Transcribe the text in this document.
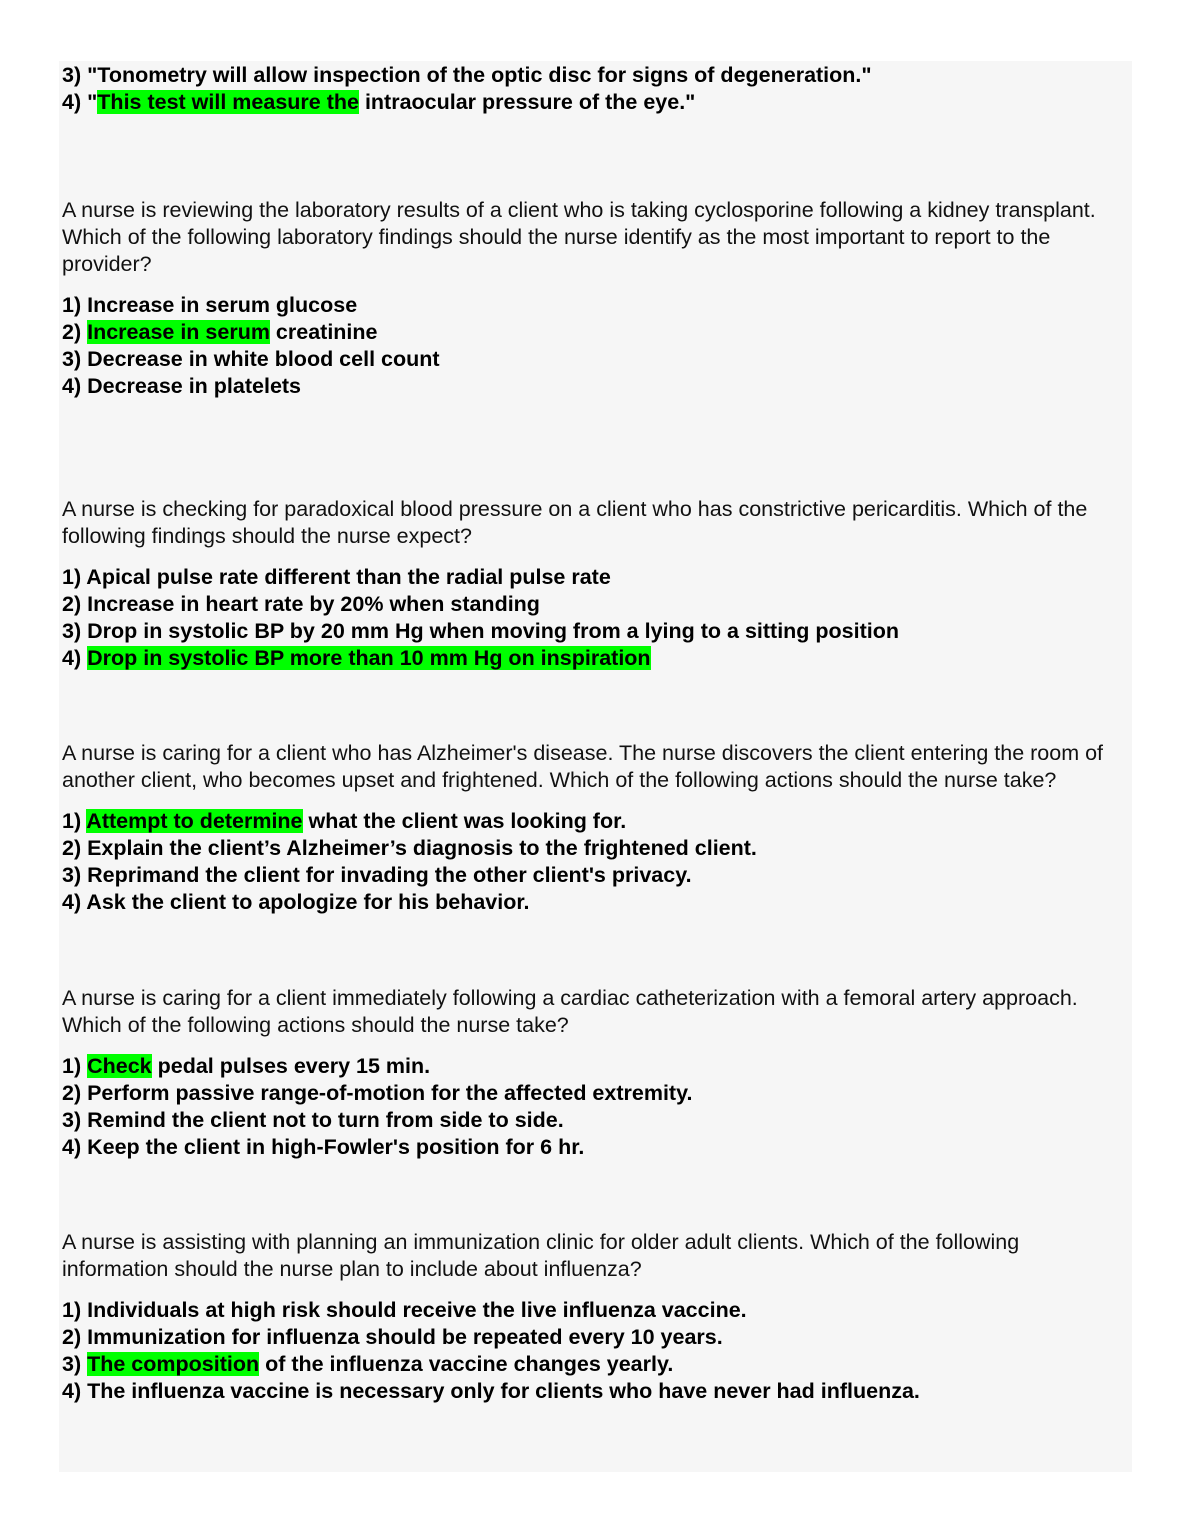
3) "Tonometry will allow inspection of the optic disc for signs of degeneration."

4) "This test will measure the intraocular pressure of the eye."

A nurse is reviewing the laboratory results of a client who is taking cyclosporine following a kidney transplant. Which of the following laboratory findings should the nurse identify as the most important to report to the provider?

1) Increase in serum glucose

2) Increase in serum creatinine

3) Decrease in white blood cell count

4) Decrease in platelets

A nurse is checking for paradoxical blood pressure on a client who has constrictive pericarditis. Which of the following findings should the nurse expect?

1) Apical pulse rate different than the radial pulse rate

2) Increase in heart rate by 20% when standing

3) Drop in systolic BP by 20 mm Hg when moving from a lying to a sitting position

4) Drop in systolic BP more than 10 mm Hg on inspiration

A nurse is caring for a client who has Alzheimer's disease. The nurse discovers the client entering the room of another client, who becomes upset and frightened. Which of the following actions should the nurse take?

1) Attempt to determine what the client was looking for.

2) Explain the client’s Alzheimer’s diagnosis to the frightened client.

3) Reprimand the client for invading the other client's privacy.

4) Ask the client to apologize for his behavior.

A nurse is caring for a client immediately following a cardiac catheterization with a femoral artery approach. Which of the following actions should the nurse take?

1) Check pedal pulses every 15 min.

2) Perform passive range-of-motion for the affected extremity.

3) Remind the client not to turn from side to side.

4) Keep the client in high-Fowler's position for 6 hr.

A nurse is assisting with planning an immunization clinic for older adult clients. Which of the following information should the nurse plan to include about influenza?

1) Individuals at high risk should receive the live influenza vaccine.

2) Immunization for influenza should be repeated every 10 years.

3) The composition of the influenza vaccine changes yearly.

4) The influenza vaccine is necessary only for clients who have never had influenza.
